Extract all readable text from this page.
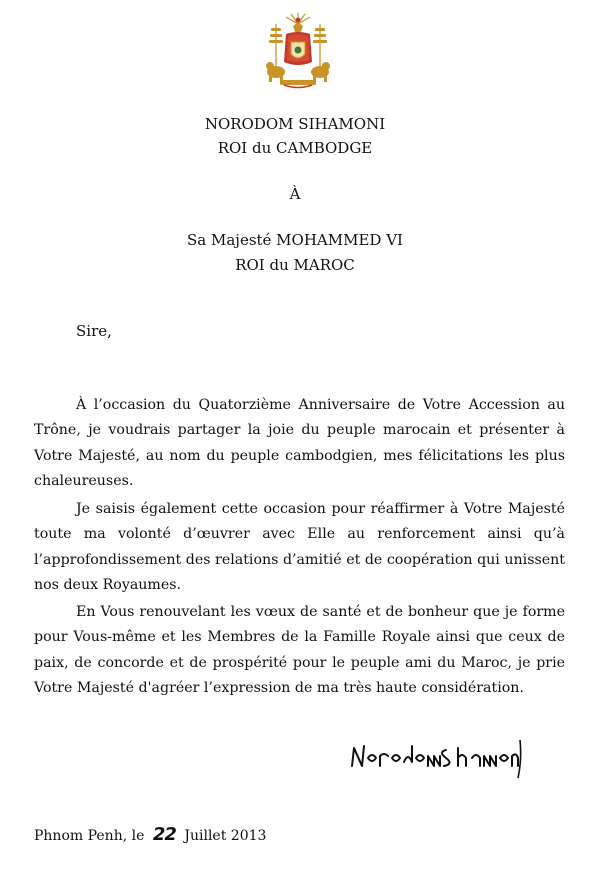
NORODOM SIHAMONI
ROI du CAMBODGE
À
Sa Majesté MOHAMMED VI
ROI du MAROC
Sire,

À l’occasion du Quatorzième Anniversaire de Votre Accession au Trône, je voudrais partager la joie du peuple marocain et présenter à Votre Majesté, au nom du peuple cambodgien, mes félicitations les plus chaleureuses.

Je saisis également cette occasion pour réaffirmer à Votre Majesté toute ma volonté d’œuvrer avec Elle au renforcement ainsi qu’à l’approfondissement des relations d’amitié et de coopération qui unissent nos deux Royaumes.

En Vous renouvelant les vœux de santé et de bonheur que je forme pour Vous-même et les Membres de la Famille Royale ainsi que ceux de paix, de concorde et de prospérité pour le peuple ami du Maroc, je prie Votre Majesté d'agréer l’expression de ma très haute considération.

Phnom Penh, le 22 Juillet 2013
